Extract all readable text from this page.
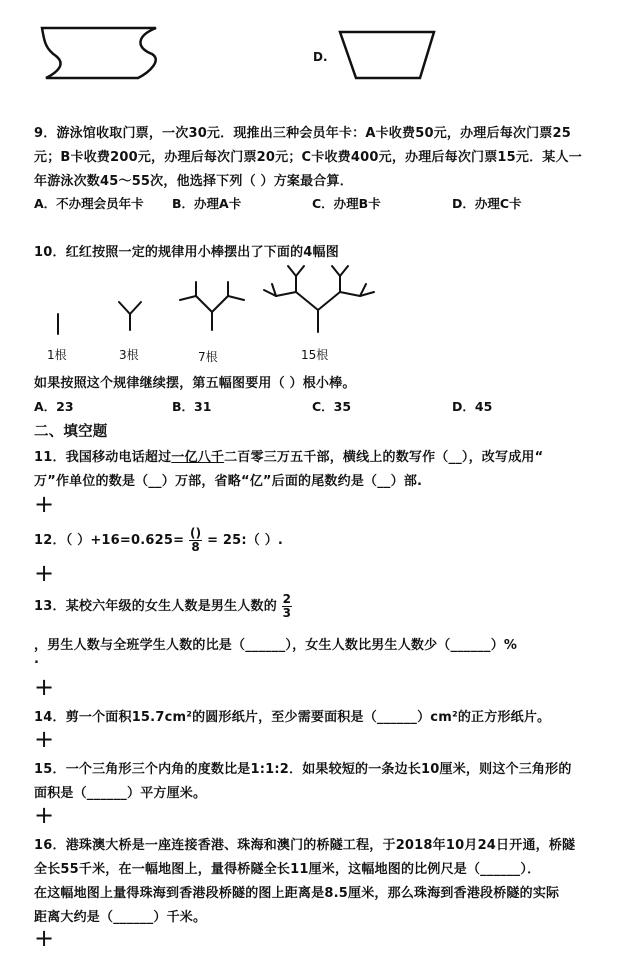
D.
9．游泳馆收取门票，一次30元．现推出三种会员年卡：A卡收费50元，办理后每次门票25
元；B卡收费200元，办理后每次门票20元；C卡收费400元，办理后每次门票15元．某人一
年游泳次数45～55次，他选择下列（ ）方案最合算．
A．不办理会员年卡 B．办理A卡	C．办理B卡	D．办理C卡
10．红红按照一定的规律用小棒摆出了下面的4幅图
1根	3根	7根	15根
如果按照这个规律继续摆，第五幅图要用（ ）根小棒。
A．23	B．31	C．35	D．45
二、填空题
11．我国移动电话超过一亿八千二百零三万五千部，横线上的数写作（__），改写成用“
万”作单位的数是（__）万部，省略“亿”后面的尾数约是（__）部.
+
12．（ ）$+16=0.625= \frac{()}{8}$ = 25:（ ）.
+
13．某校六年级的女生人数是男生人数的 $\frac{2}{3}$
，男生人数与全班学生人数的比是（______），女生人数比男生人数少（______）%
.
+
14．剪一个面积15.7cm²的圆形纸片，至少需要面积是（______）cm²的正方形纸片。
+
15．一个三角形三个内角的度数比是1:1:2．如果较短的一条边长10厘米，则这个三角形的
面积是（______）平方厘米。
+
16．港珠澳大桥是一座连接香港、珠海和澳门的桥隧工程，于2018年10月24日开通，桥隧
全长55千米，在一幅地图上，量得桥隧全长11厘米，这幅地图的比例尺是（______）．
在这幅地图上量得珠海到香港段桥隧的图上距离是8.5厘米，那么珠海到香港段桥隧的实际
距离大约是（______）千米。
+
